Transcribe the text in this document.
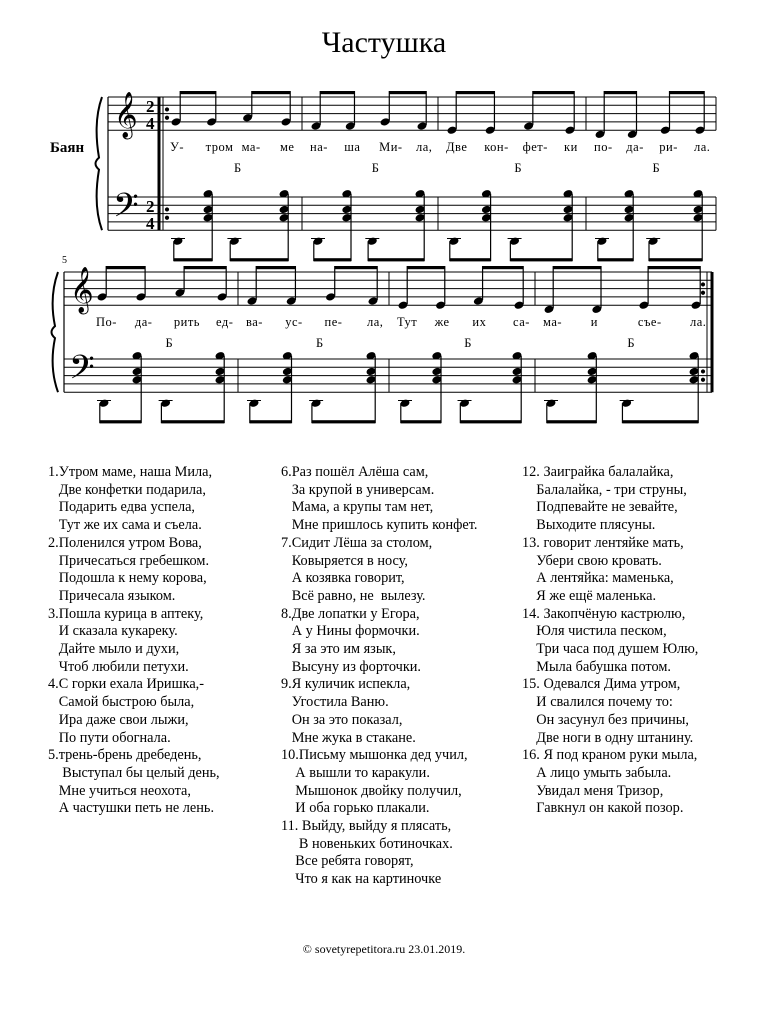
Частушка
Баян
𝄞
𝄢
2
4
2
4
У- тром ма- ме
Б
на- ша Ми- ла,
Б
Две кон- фет- ки
Б
по- да- ри- ла.
Б
𝄞
𝄢
5
По- да- рить ед-
Б
ва- ус- пе- ла,
Б
Тут же их са-
Б
ма- и	съе- ла.
Б
1.Утром маме, наша Мила,
Две конфетки подарила,
Подарить едва успела,
Тут же их сама и съела.
2.Поленился утром Вова,
Причесаться гребешком.
Подошла к нему корова,
Причесала языком.
3.Пошла курица в аптеку,
И сказала кукареку.
Дайте мыло и духи,
Чтоб любили петухи.
4.С горки ехала Иришка,-
Самой быстрою была,
Ира даже свои лыжи,
По пути обогнала.
5.трень-брень дребедень,
Выступал бы целый день,
Мне учиться неохота,
А частушки петь не лень.
6.Раз пошёл Алёша сам,
За крупой в универсам.
Мама, а крупы там нет,
Мне пришлось купить конфет.
7.Сидит Лёша за столом,
Ковыряется в носу,
А козявка говорит,
Всё равно, не  вылезу.
8.Две лопатки у Егора,
А у Нины формочки.
Я за это им язык,
Высуну из форточки.
9.Я куличик испекла,
Угостила Ваню.
Он за это показал,
Мне жука в стакане.
10.Письму мышонка дед учил,
А вышли то каракули.
Мышонок двойку получил,
И оба горько плакали.
11. Выйду, выйду я плясать,
В новеньких ботиночках.
Все ребята говорят,
Что я как на картиночке
12. Заиграйка балалайка,
Балалайка, - три струны,
Подпевайте не зевайте,
Выходите плясуны.
13. говорит лентяйке мать,
Убери свою кровать.
А лентяйка: маменька,
Я же ещё маленька.
14. Закопчёную кастрюлю,
Юля чистила песком,
Три часа под душем Юлю,
Мыла бабушка потом.
15. Одевался Дима утром,
И свалился почему то:
Он засунул без причины,
Две ноги в одну штанину.
16. Я под краном руки мыла,
А лицо умыть забыла.
Увидал меня Тризор,
Гавкнул он какой позор.
© sovetyrepetitora.ru 23.01.2019.
